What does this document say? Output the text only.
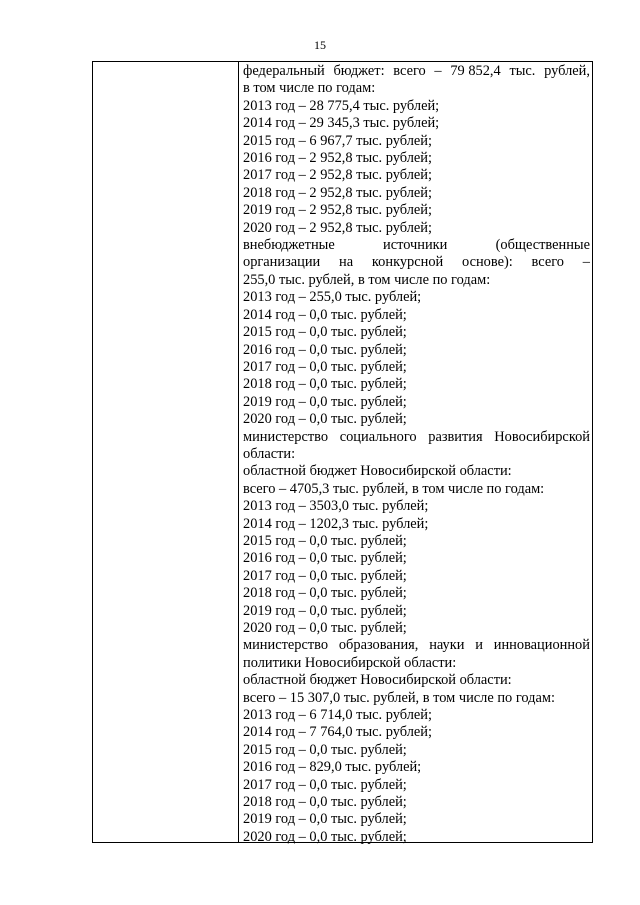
15
федеральный бюджет: всего – 79 852,4 тыс. рублей,
в том числе по годам:
2013 год – 28 775,4 тыс. рублей;
2014 год – 29 345,3 тыс. рублей;
2015 год – 6 967,7 тыс. рублей;
2016 год – 2 952,8 тыс. рублей;
2017 год – 2 952,8 тыс. рублей;
2018 год – 2 952,8 тыс. рублей;
2019 год – 2 952,8 тыс. рублей;
2020 год – 2 952,8 тыс. рублей;
внебюджетные	источники	(общественные
организации на конкурсной основе): всего –
255,0 тыс. рублей, в том числе по годам:
2013 год – 255,0 тыс. рублей;
2014 год – 0,0 тыс. рублей;
2015 год – 0,0 тыс. рублей;
2016 год – 0,0 тыс. рублей;
2017 год – 0,0 тыс. рублей;
2018 год – 0,0 тыс. рублей;
2019 год – 0,0 тыс. рублей;
2020 год – 0,0 тыс. рублей;
министерство социального развития Новосибирской
области:
областной бюджет Новосибирской области:
всего – 4705,3 тыс. рублей, в том числе по годам:
2013 год – 3503,0 тыс. рублей;
2014 год – 1202,3 тыс. рублей;
2015 год – 0,0 тыс. рублей;
2016 год – 0,0 тыс. рублей;
2017 год – 0,0 тыс. рублей;
2018 год – 0,0 тыс. рублей;
2019 год – 0,0 тыс. рублей;
2020 год – 0,0 тыс. рублей;
министерство образования, науки и инновационной
политики Новосибирской области:
областной бюджет Новосибирской области:
всего – 15 307,0 тыс. рублей, в том числе по годам:
2013 год – 6 714,0 тыс. рублей;
2014 год – 7 764,0 тыс. рублей;
2015 год – 0,0 тыс. рублей;
2016 год – 829,0 тыс. рублей;
2017 год – 0,0 тыс. рублей;
2018 год – 0,0 тыс. рублей;
2019 год – 0,0 тыс. рублей;
2020 год – 0,0 тыс. рублей;
